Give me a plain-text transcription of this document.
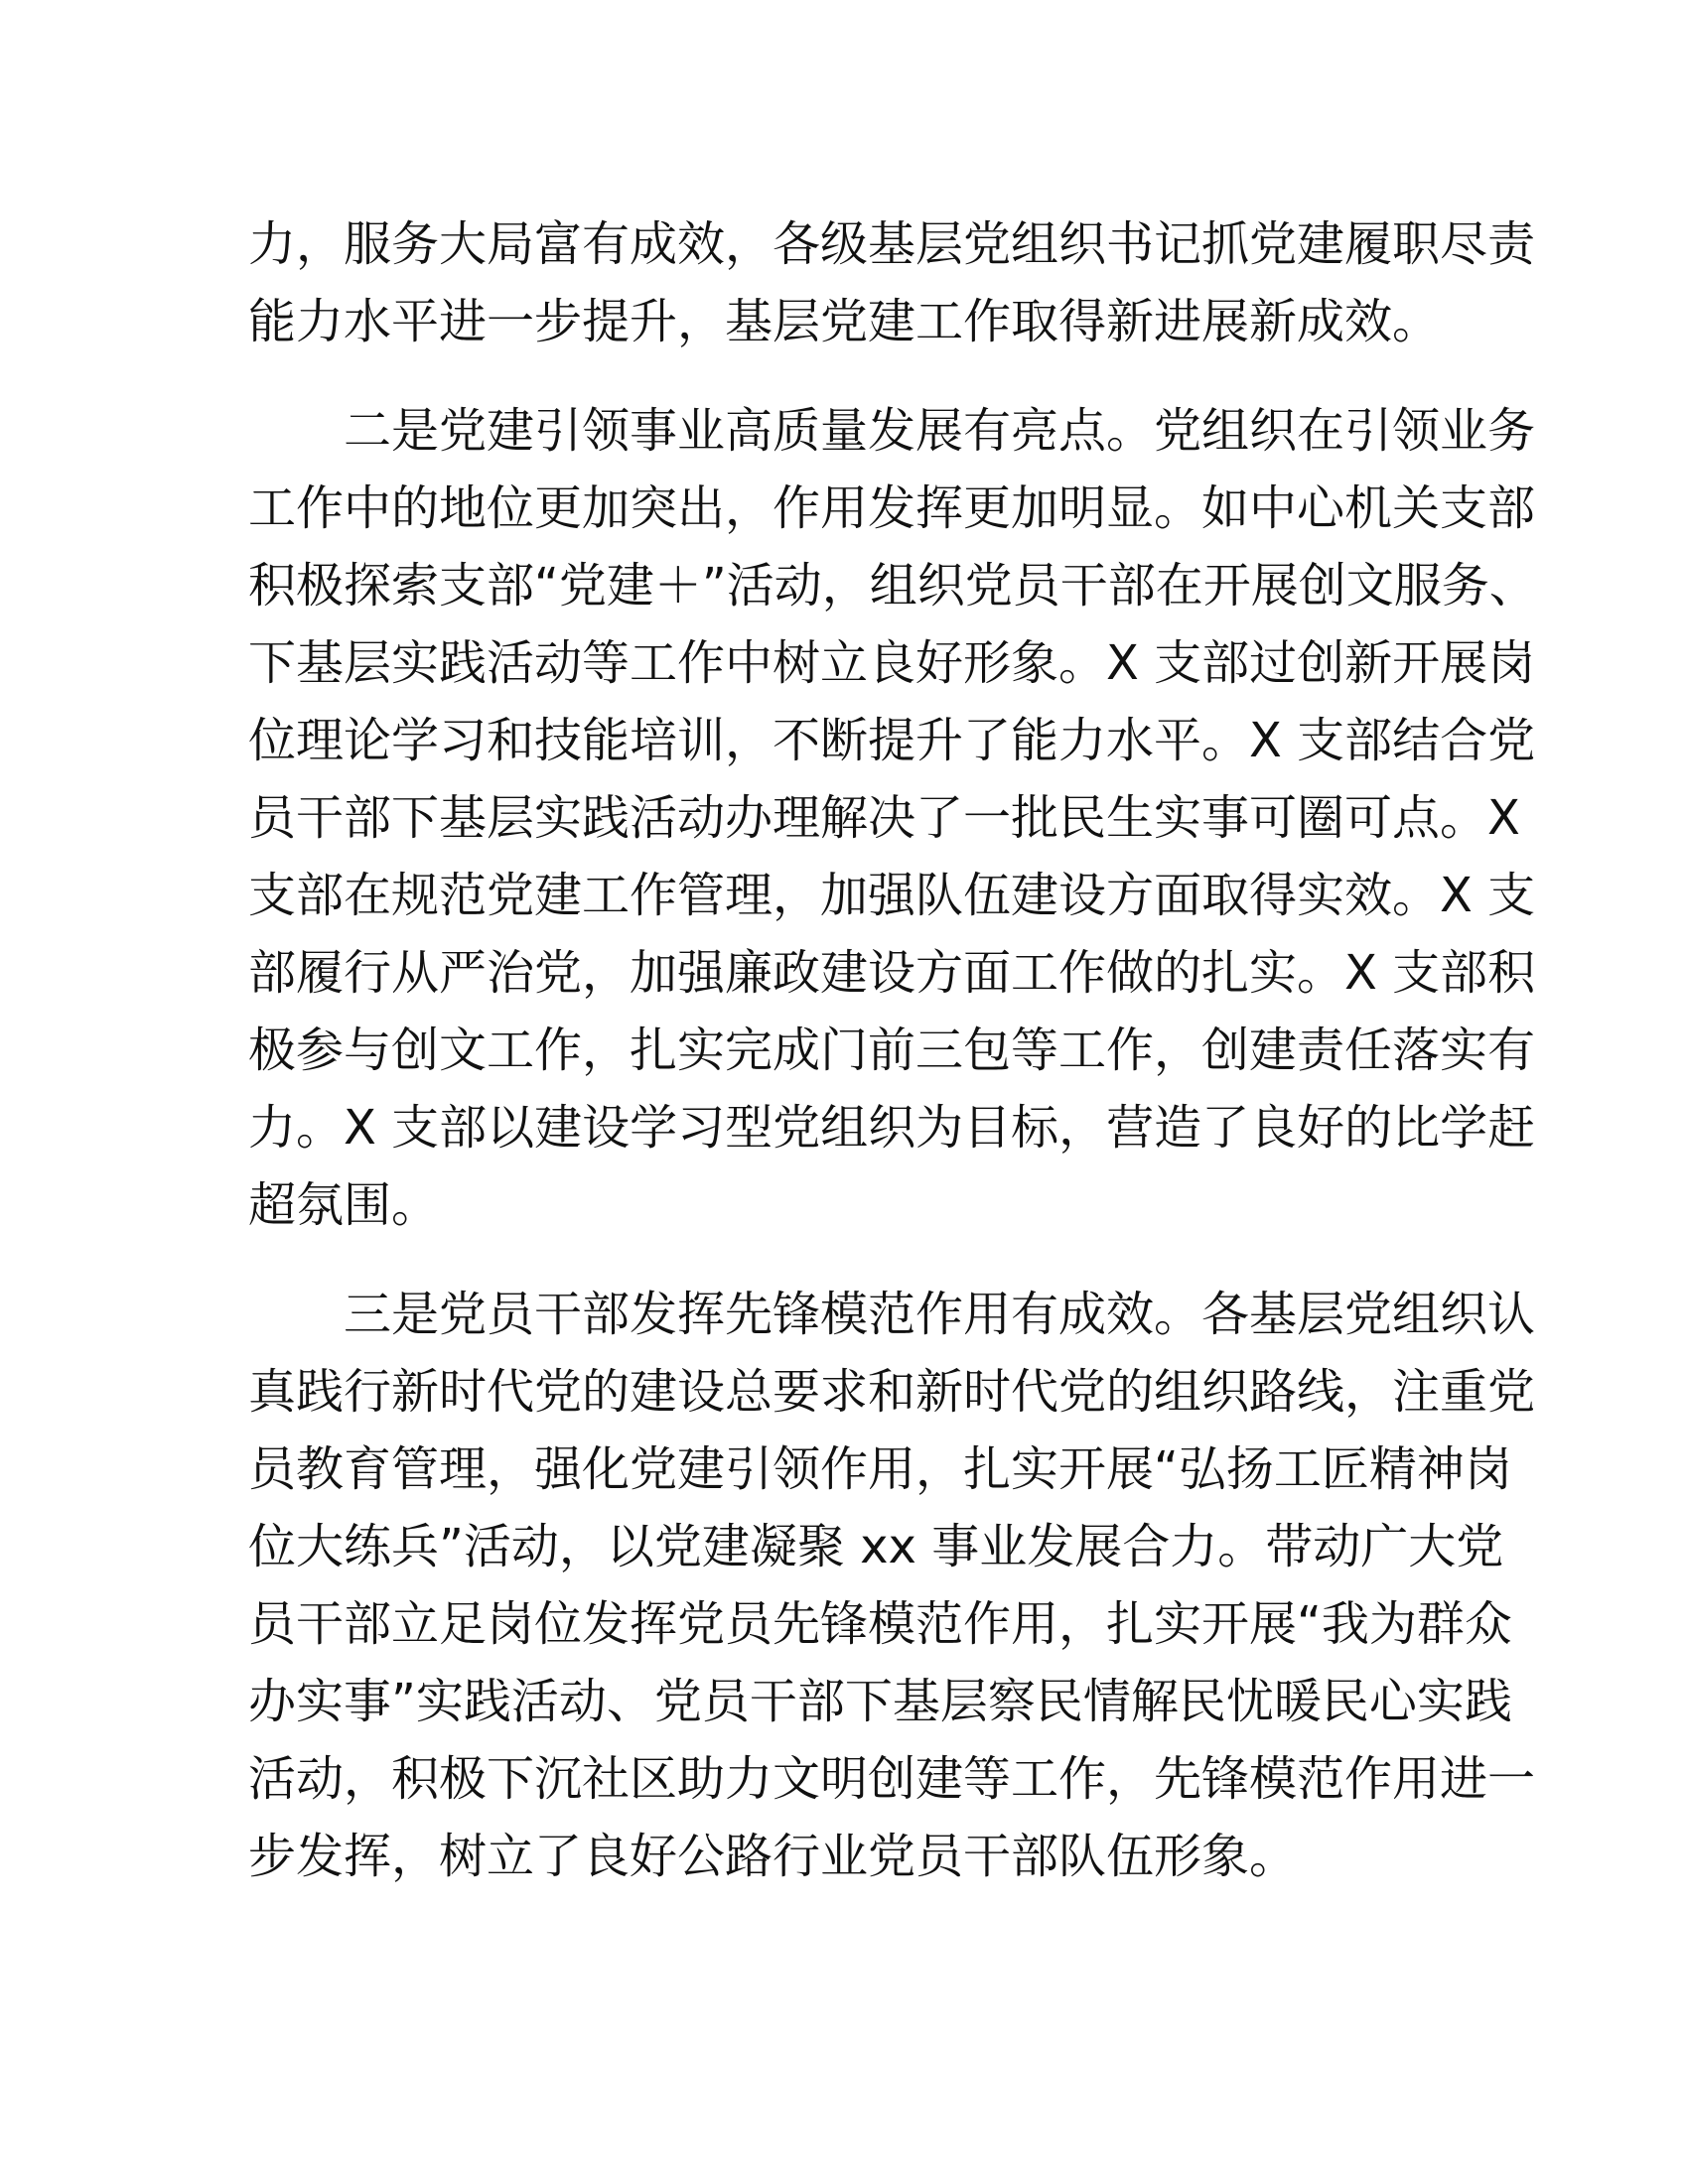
力，服务大局富有成效，各级基层党组织书记抓党建履职尽责
能力水平进一步提升，基层党建工作取得新进展新成效。
二是党建引领事业高质量发展有亮点。党组织在引领业务
工作中的地位更加突出，作用发挥更加明显。如中心机关支部
积极探索支部“党建＋”活动，组织党员干部在开展创文服务、
下基层实践活动等工作中树立良好形象。X 支部过创新开展岗
位理论学习和技能培训，不断提升了能力水平。X 支部结合党
员干部下基层实践活动办理解决了一批民生实事可圈可点。X
支部在规范党建工作管理，加强队伍建设方面取得实效。X 支
部履行从严治党，加强廉政建设方面工作做的扎实。X 支部积
极参与创文工作，扎实完成门前三包等工作，创建责任落实有
力。X 支部以建设学习型党组织为目标，营造了良好的比学赶
超氛围。
三是党员干部发挥先锋模范作用有成效。各基层党组织认
真践行新时代党的建设总要求和新时代党的组织路线，注重党
员教育管理，强化党建引领作用，扎实开展“弘扬工匠精神岗
位大练兵”活动，以党建凝聚 xx 事业发展合力。带动广大党
员干部立足岗位发挥党员先锋模范作用，扎实开展“我为群众
办实事”实践活动、党员干部下基层察民情解民忧暖民心实践
活动，积极下沉社区助力文明创建等工作，先锋模范作用进一
步发挥，树立了良好公路行业党员干部队伍形象。
